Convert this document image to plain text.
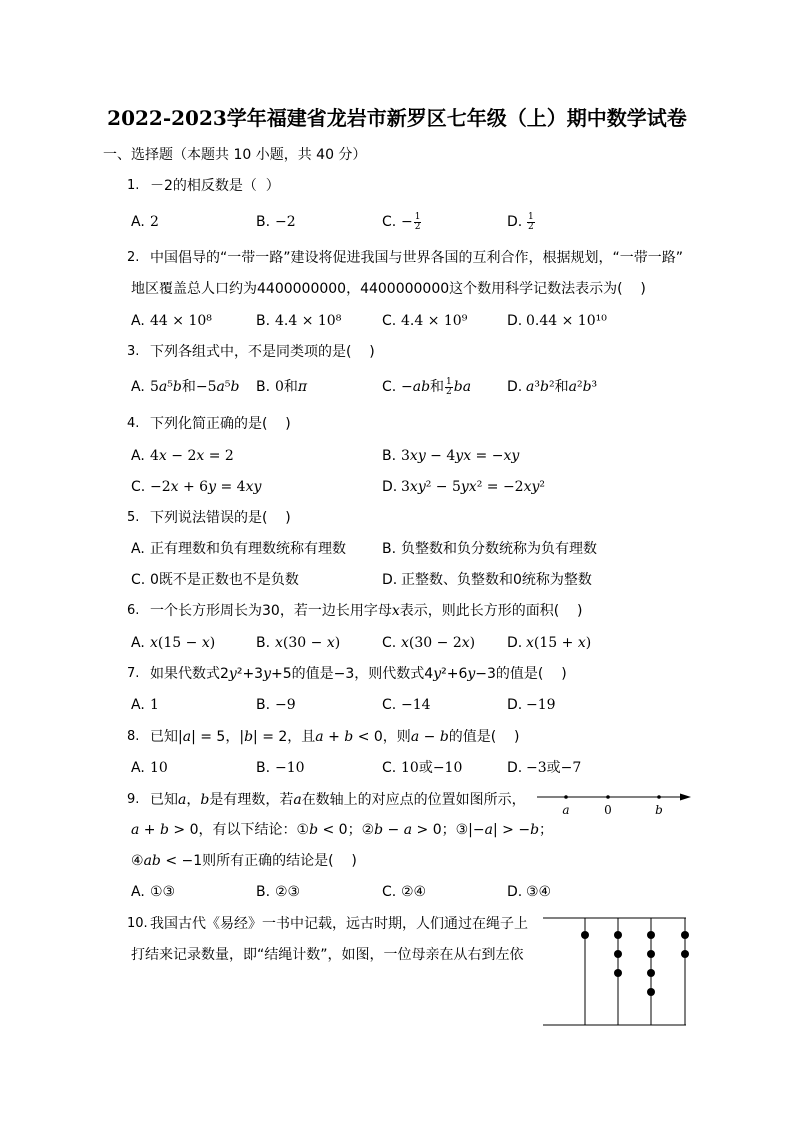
2022-2023学年福建省龙岩市新罗区七年级（上）期中数学试卷
一、选择题（本题共 10 小题，共 40 分）
1. －2的相反数是（  ）
A. 2	B. −2	C. − $\frac{1}{2}$	D. $\frac{1}{2}$
2. 中国倡导的“一带一路”建设将促进我国与世界各国的互利合作，根据规划，“一带一路”
地区覆盖总人口约为4400000000，4400000000这个数用科学记数法表示为(    )
A. 44 × 10⁸	B. 4.4 × 10⁸	C. 4.4 × 10⁹	D. 0.44 × 10¹⁰
3. 下列各组式中，不是同类项的是(    )
A. 5a⁵b和−5a⁵b B. 0和π	C. −ab和 $\frac{1}{2}$ ba	D. a³b²和a²b³
4. 下列化简正确的是(    )
A. 4x − 2x = 2	B. 3xy − 4yx = −xy
C. −2x + 6y = 4xy	D. 3xy² − 5yx² = −2xy²
5. 下列说法错误的是(    )
A. 正有理数和负有理数统称有理数	B. 负整数和负分数统称为负有理数
C. 0既不是正数也不是负数	D. 正整数、负整数和0统称为整数
6. 一个长方形周长为30，若一边长用字母x表示，则此长方形的面积(    )
A. x(15 − x)	B. x(30 − x)	C. x(30 − 2x) D. x(15 + x)
7. 如果代数式2y²+3y+5的值是−3，则代数式4y²+6y−3的值是(    )
A. 1	B. −9	C. −14	D. −19
8. 已知|a| = 5，|b| = 2，且a + b < 0，则a − b的值是(    )
A. 10	B. −10	C. 10或−10	D. −3或−7
9. 已知a，b是有理数，若a在数轴上的对应点的位置如图所示，
a	0	b
a + b > 0，有以下结论：①b < 0；②b − a > 0；③|−a| > −b；
④ab < −1则所有正确的结论是(    )
A. ①③	B. ②③	C. ②④	D. ③④
10. 我国古代《易经》一书中记载，远古时期，人们通过在绳子上
打结来记录数量，即“结绳计数”，如图，一位母亲在从右到左依
